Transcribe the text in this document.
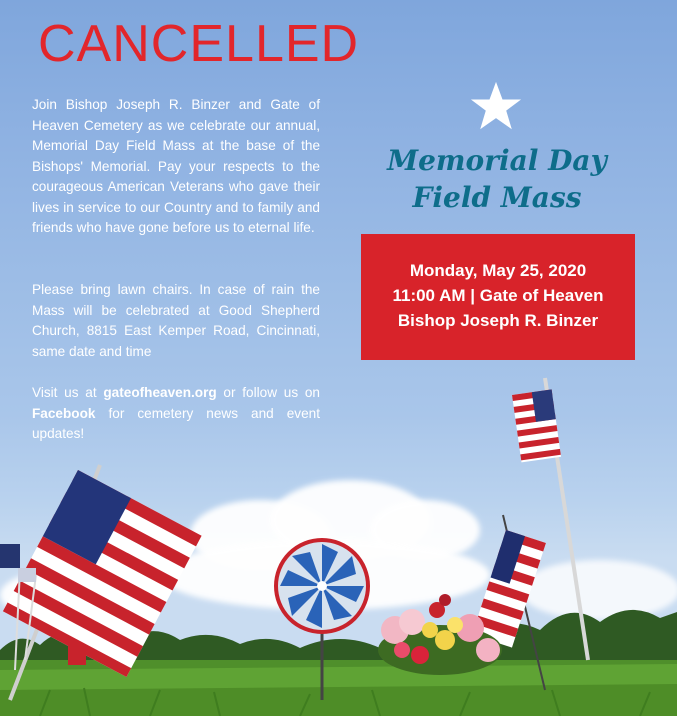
CANCELLED
Join Bishop Joseph R. Binzer and Gate of Heaven Cemetery as we celebrate our annual, Memorial Day Field Mass at the base of the Bishops' Memorial. Pay your respects to the courageous American Veterans who gave their lives in service to our Country and to family and friends who have gone before us to eternal life.
Please bring lawn chairs. In case of rain the Mass will be celebrated at Good Shepherd Church, 8815 East Kemper Road, Cincinnati, same date and time
Visit us at gateofheaven.org or follow us on Facebook for cemetery news and event updates!
Memorial Day
Field Mass
Monday, May 25, 2020
11:00 AM | Gate of Heaven
Bishop Joseph R. Binzer
